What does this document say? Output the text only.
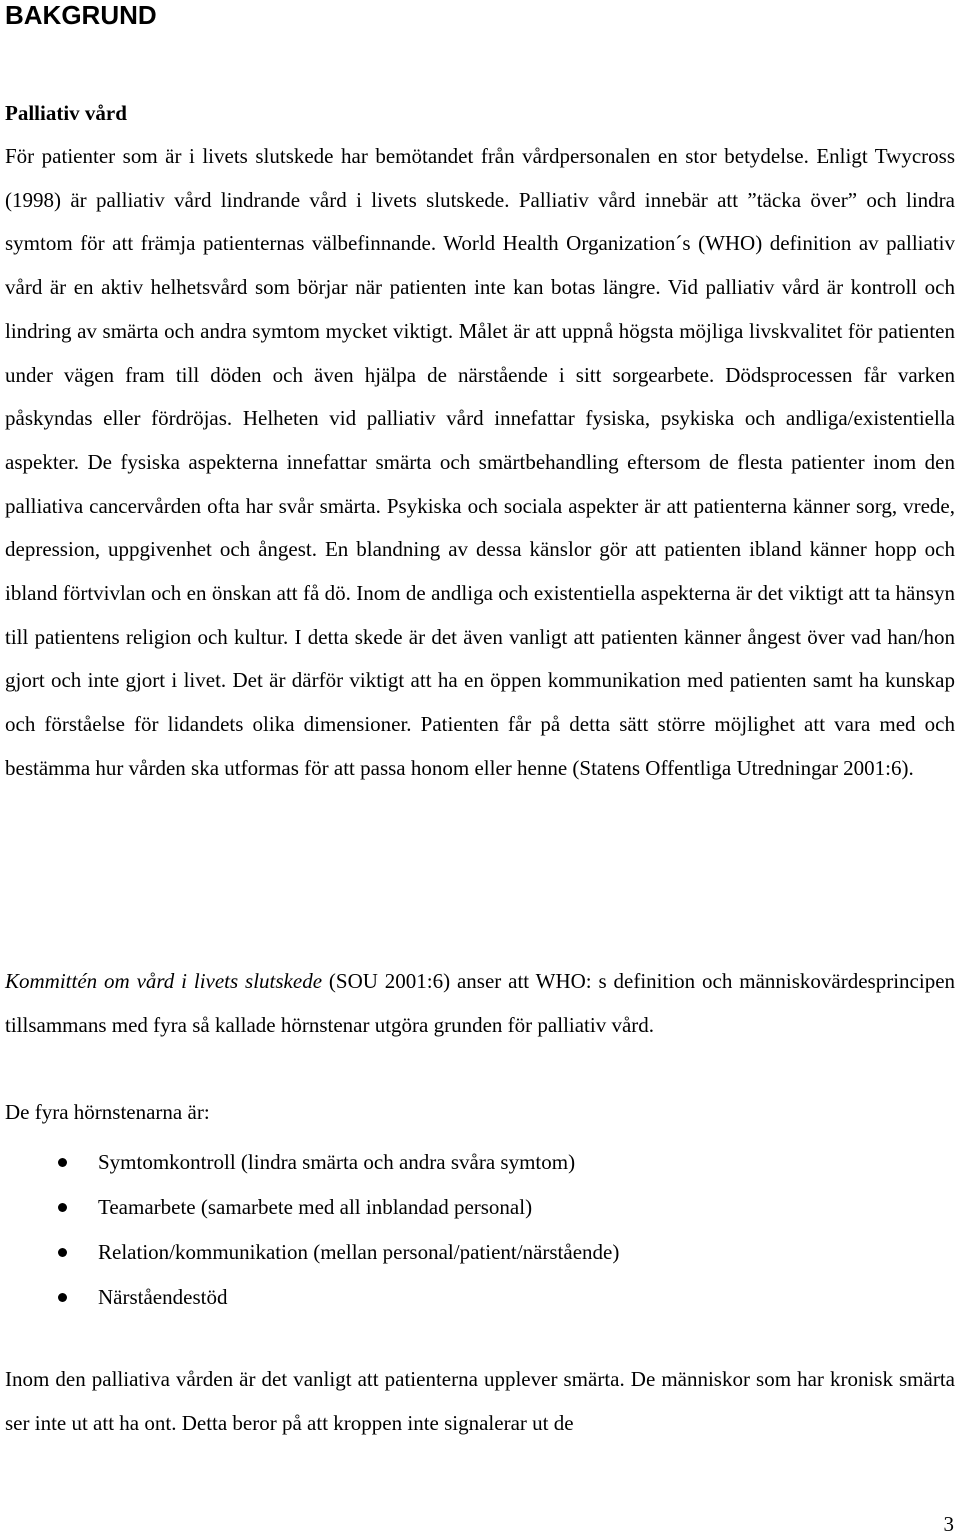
BAKGRUND
Palliativ vård

För patienter som är i livets slutskede har bemötandet från vårdpersonalen en stor betydelse. Enligt Twycross (1998) är palliativ vård lindrande vård i livets slutskede. Palliativ vård innebär att ”täcka över” och lindra symtom för att främja patienternas välbefinnande. World Health Organization´s (WHO) definition av palliativ vård är en aktiv helhetsvård som börjar när patienten inte kan botas längre. Vid palliativ vård är kontroll och lindring av smärta och andra symtom mycket viktigt. Målet är att uppnå högsta möjliga livskvalitet för patienten under vägen fram till döden och även hjälpa de närstående i sitt sorgearbete. Dödsprocessen får varken påskyndas eller fördröjas. Helheten vid palliativ vård innefattar fysiska, psykiska och andliga/existentiella aspekter. De fysiska aspekterna innefattar smärta och smärtbehandling eftersom de flesta patienter inom den palliativa cancervården ofta har svår smärta. Psykiska och sociala aspekter är att patienterna känner sorg, vrede, depression, uppgivenhet och ångest. En blandning av dessa känslor gör att patienten ibland känner hopp och ibland förtvivlan och en önskan att få dö. Inom de andliga och existentiella aspekterna är det viktigt att ta hänsyn till patientens religion och kultur. I detta skede är det även vanligt att patienten känner ångest över vad han/hon gjort och inte gjort i livet. Det är därför viktigt att ha en öppen kommunikation med patienten samt ha kunskap och förståelse för lidandets olika dimensioner. Patienten får på detta sätt större möjlighet att vara med och bestämma hur vården ska utformas för att passa honom eller henne (Statens Offentliga Utredningar 2001:6).

Kommittén om vård i livets slutskede (SOU 2001:6) anser att WHO: s definition och människovärdesprincipen tillsammans med fyra så kallade hörnstenar utgöra grunden för palliativ vård.

De fyra hörnstenarna är:

Symtomkontroll (lindra smärta och andra svåra symtom)
Teamarbete (samarbete med all inblandad personal)
Relation/kommunikation (mellan personal/patient/närstående)
Närståendestöd

Inom den palliativa vården är det vanligt att patienterna upplever smärta. De människor som har kronisk smärta ser inte ut att ha ont. Detta beror på att kroppen inte signalerar ut de

3
